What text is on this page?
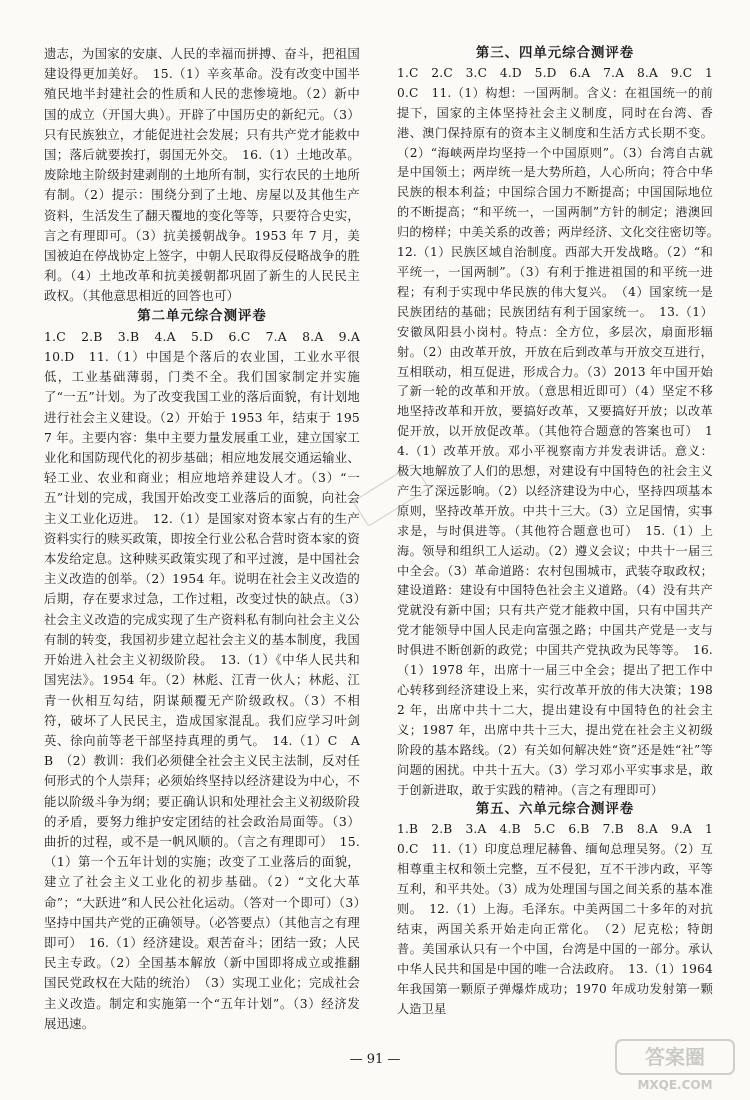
遗志，为国家的安康、人民的幸福而拼搏、奋斗，把祖国建设得更加美好。　15.（1）辛亥革命。没有改变中国半殖民地半封建社会的性质和人民的悲惨境地。（2）新中国的成立（开国大典）。开辟了中国历史的新纪元。（3）只有民族独立，才能促进社会发展；只有共产党才能救中国；落后就要挨打，弱国无外交。　16.（1）土地改革。废除地主阶级封建剥削的土地所有制，实行农民的土地所有制。（2）提示：围绕分到了土地、房屋以及其他生产资料，生活发生了翻天覆地的变化等等，只要符合史实，言之有理即可。（3）抗美援朝战争。1953 年 7 月，美国被迫在停战协定上签字，中朝人民取得反侵略战争的胜利。（4）土地改革和抗美援朝都巩固了新生的人民民主政权。（其他意思相近的回答也可）

第二单元综合测评卷

1.C　2.B　3.B　4.A　5.D　6.C　7.A　8.A　9.A　10.D　11.（1）中国是个落后的农业国，工业水平很低，工业基础薄弱，门类不全。我们国家制定并实施了“一五”计划。为了改变我国工业的落后面貌，有计划地进行社会主义建设。（2）开始于 1953 年，结束于 1957 年。主要内容：集中主要力量发展重工业，建立国家工业化和国防现代化的初步基础；相应地发展交通运输业、轻工业、农业和商业；相应地培养建设人才。（3）“一五”计划的完成，我国开始改变工业落后的面貌，向社会主义工业化迈进。　12.（1）是国家对资本家占有的生产资料实行的赎买政策，即按全行业公私合营时资本家的资本发给定息。这种赎买政策实现了和平过渡，是中国社会主义改造的创举。（2）1954 年。说明在社会主义改造的后期，存在要求过急，工作过粗，改变过快的缺点。（3）社会主义改造的完成实现了生产资料私有制向社会主义公有制的转变，我国初步建立起社会主义的基本制度，我国开始进入社会主义初级阶段。　13.（1）《中华人民共和国宪法》。1954 年。（2）林彪、江青一伙人；林彪、江青一伙相互勾结，阴谋颠覆无产阶级政权。（3）不相符，破坏了人民民主，造成国家混乱。我们应学习叶剑英、徐向前等老干部坚持真理的勇气。　14.（1）C　A　B　（2）教训：我们必须健全社会主义民主法制，反对任何形式的个人崇拜；必须始终坚持以经济建设为中心，不能以阶级斗争为纲；要正确认识和处理社会主义初级阶段的矛盾，要努力维护安定团结的社会政治局面等。（3）曲折的过程，或不是一帆风顺的。（言之有理即可）　15.（1）第一个五年计划的实施；改变了工业落后的面貌，建立了社会主义工业化的初步基础。（2）“文化大革命”；“大跃进”和人民公社化运动。（答对一个即可）（3）坚持中国共产党的正确领导。（必答要点）（其他言之有理即可）　16.（1）经济建设。艰苦奋斗；团结一致；人民民主专政。（2）全国基本解放（新中国即将成立或推翻国民党政权在大陆的统治）　（3）实现工业化；完成社会主义改造。制定和实施第一个“五年计划”。（3）经济发展迅速。

第三、四单元综合测评卷

1.C　2.C　3.C　4.D　5.D　6.A　7.A　8.A　9.C　10.C　11.（1）构想：一国两制。含义：在祖国统一的前提下，国家的主体坚持社会主义制度，同时在台湾、香港、澳门保持原有的资本主义制度和生活方式长期不变。（2）“海峡两岸均坚持一个中国原则”。（3）台湾自古就是中国领土；两岸统一是大势所趋，人心所向；符合中华民族的根本利益；中国综合国力不断提高；中国国际地位的不断提高；“和平统一，一国两制”方针的制定；港澳回归的榜样；中美关系的改善；两岸经济、文化交往密切等。　12.（1）民族区域自治制度。西部大开发战略。（2）“和平统一，一国两制”。（3）有利于推进祖国的和平统一进程；有利于实现中华民族的伟大复兴。　（4）国家统一是民族团结的基础；民族团结有利于国家统一。　13.（1）安徽凤阳县小岗村。特点：全方位，多层次，扇面形辐射。（2）由改革开放，开放在后到改革与开放交互进行，互相联动，相互促进，形成合力。（3）2013 年中国开始了新一轮的改革和开放。（意思相近即可）（4）坚定不移地坚持改革和开放，要搞好改革，又要搞好开放；以改革促开放，以开放促改革。（其他符合题意的答案也可）　14.（1）改革开放。邓小平视察南方并发表讲话。意义：极大地解放了人们的思想，对建设有中国特色的社会主义产生了深远影响。（2）以经济建设为中心，坚持四项基本原则，坚持改革开放。中共十三大。（3）立足国情，实事求是，与时俱进等。（其他符合题意也可）　15.（1）上海。领导和组织工人运动。（2）遵义会议；中共十一届三中全会。（3）革命道路：农村包围城市，武装夺取政权；建设道路：建设有中国特色社会主义道路。（4）没有共产党就没有新中国；只有共产党才能救中国，只有中国共产党才能领导中国人民走向富强之路；中国共产党是一支与时俱进不断创新的政党；中国共产党执政为民等等。　16.（1）1978 年，出席十一届三中全会；提出了把工作中心转移到经济建设上来，实行改革开放的伟大决策；1982 年，出席中共十二大，提出建设有中国特色的社会主义；1987 年，出席中共十三大，提出党在社会主义初级阶段的基本路线。（2）有关如何解决姓“资”还是姓“社”等问题的困扰。中共十五大。（3）学习邓小平实事求是，敢于创新进取，敢于实践的精神。（言之有理即可）

第五、六单元综合测评卷

1.B　2.B　3.A　4.B　5.C　6.B　7.B　8.A　9.A　10.C　11.（1）印度总理尼赫鲁、缅甸总理吴努。（2）互相尊重主权和领土完整，互不侵犯，互不干涉内政，平等互利，和平共处。（3）成为处理国与国之间关系的基本准则。　12.（1）上海。毛泽东。中美两国二十多年的对抗结束，两国关系开始走向正常化。　（2）尼克松；特朗普。美国承认只有一个中国，台湾是中国的一部分。承认中华人民共和国是中国的唯一合法政府。　13.（1）1964 年我国第一颗原子弹爆炸成功；1970 年成功发射第一颗人造卫星

— 91 —	答案圈
MXQE.COM
